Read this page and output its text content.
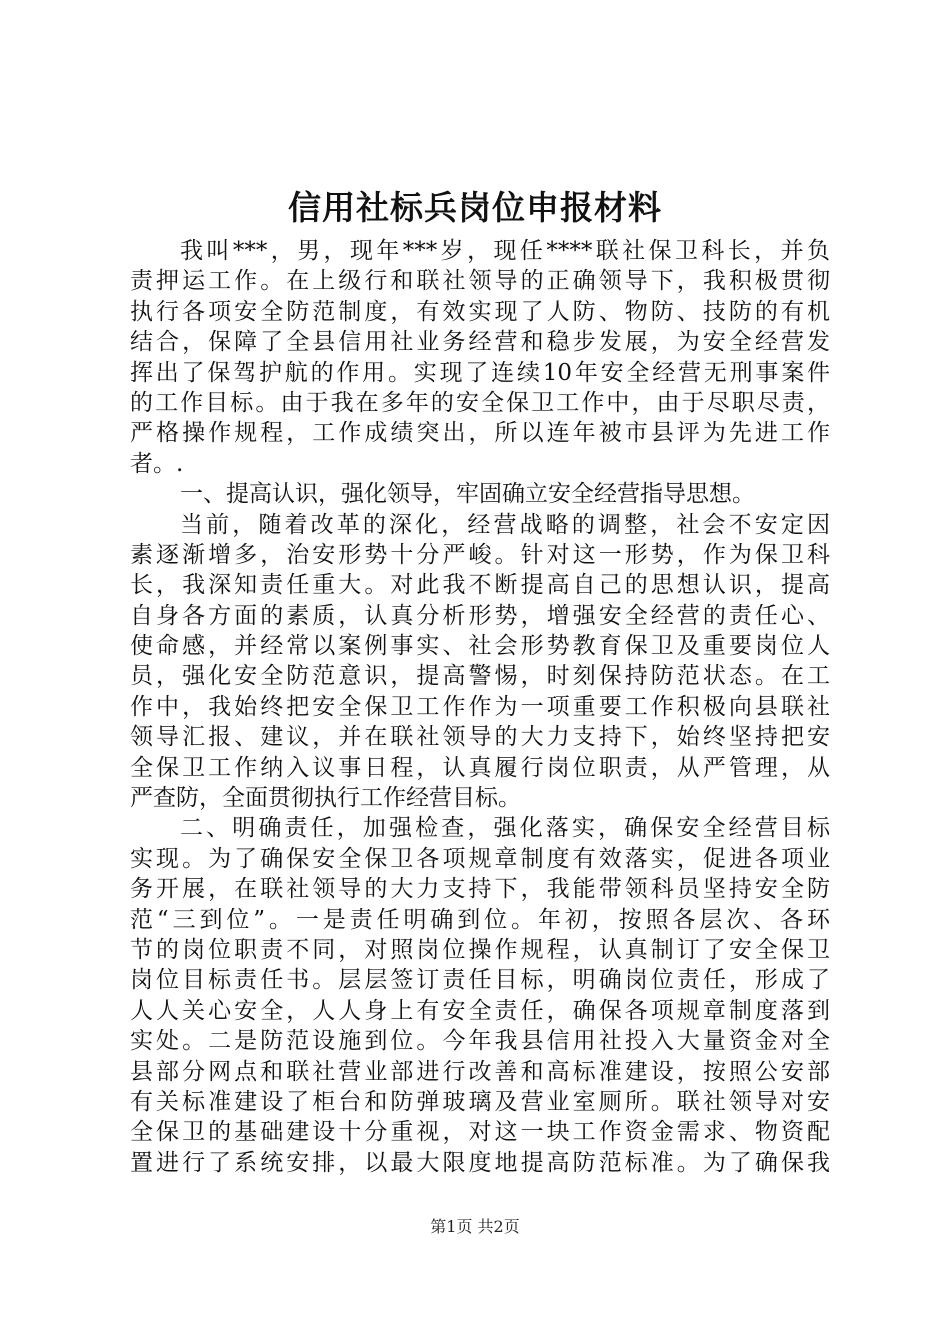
信用社标兵岗位申报材料
我叫***，男，现年***岁，现任****联社保卫科长，并负
责押运工作。在上级行和联社领导的正确领导下，我积极贯彻
执行各项安全防范制度，有效实现了人防、物防、技防的有机
结合，保障了全县信用社业务经营和稳步发展，为安全经营发
挥出了保驾护航的作用。实现了连续10年安全经营无刑事案件
的工作目标。由于我在多年的安全保卫工作中，由于尽职尽责，
严格操作规程，工作成绩突出，所以连年被市县评为先进工作
者。.
一、提高认识，强化领导，牢固确立安全经营指导思想。
当前，随着改革的深化，经营战略的调整，社会不安定因
素逐渐增多，治安形势十分严峻。针对这一形势，作为保卫科
长，我深知责任重大。对此我不断提高自己的思想认识，提高
自身各方面的素质，认真分析形势，增强安全经营的责任心、
使命感，并经常以案例事实、社会形势教育保卫及重要岗位人
员，强化安全防范意识，提高警惕，时刻保持防范状态。在工
作中，我始终把安全保卫工作作为一项重要工作积极向县联社
领导汇报、建议，并在联社领导的大力支持下，始终坚持把安
全保卫工作纳入议事日程，认真履行岗位职责，从严管理，从
严查防，全面贯彻执行工作经营目标。
二、明确责任，加强检查，强化落实，确保安全经营目标
实现。为了确保安全保卫各项规章制度有效落实，促进各项业
务开展，在联社领导的大力支持下，我能带领科员坚持安全防
范“三到位”。一是责任明确到位。年初，按照各层次、各环
节的岗位职责不同，对照岗位操作规程，认真制订了安全保卫
岗位目标责任书。层层签订责任目标，明确岗位责任，形成了
人人关心安全，人人身上有安全责任，确保各项规章制度落到
实处。二是防范设施到位。今年我县信用社投入大量资金对全
县部分网点和联社营业部进行改善和高标准建设，按照公安部
有关标准建设了柜台和防弹玻璃及营业室厕所。联社领导对安
全保卫的基础建设十分重视，对这一块工作资金需求、物资配
置进行了系统安排，以最大限度地提高防范标准。为了确保我
第1页 共2页
